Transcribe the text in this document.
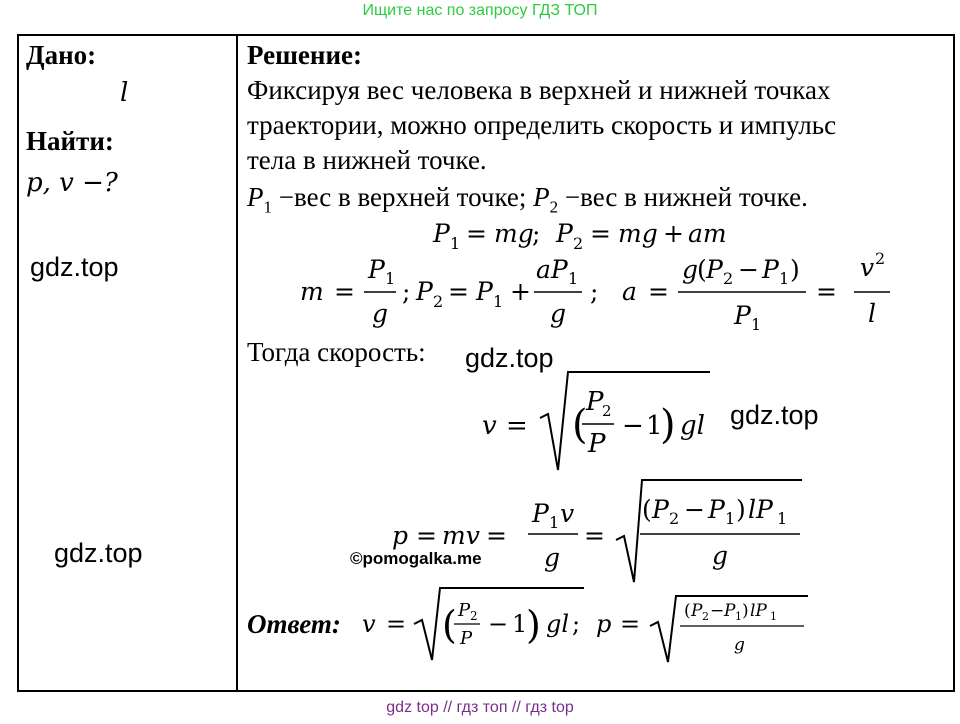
Ищите нас по запросу ГДЗ ТОП
Дано:
l
Найти:
p, v −?
gdz.top
gdz.top
Решение:
Фиксируя вес человека в верхней и нижней точках
траектории, можно определить скорость и импульс
тела в нижней точке.
$P_1 -вес$ в верхней точке; $P_2 -вес$ в нижней точке.
P 1 = mg
; P 2 = mg + am
m =
P 1
g
; P 2 = P 1 +
aP 1
g
; a =
g
( P 2 − P 1 )
P 1
=
v 2
l
v = (
P
2
P
− 1
) gl
p = mv =
P 1 v
g
=
( P 2 − P 1 ) lP 1
g
v = ( P 2
P
− 1
) gl ; p =	( P 2 − P 1 ) lP 1
g
Тогда скорость: gdz.top
gdz.top
©pomogalka.me
Ответ:
gdz top // гдз топ // гдз top
